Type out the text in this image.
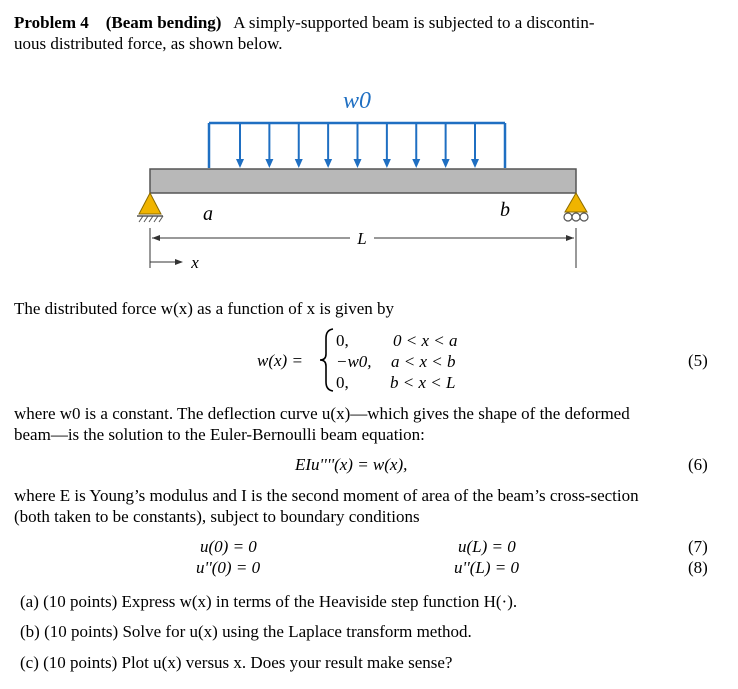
Problem 4 (Beam bending) A simply-supported beam is subjected to a discontin-
uous distributed force, as shown below.
w0
a	b
L
x
The distributed force w(x) as a function of x is given by
w(x) =
0,	0 < x < a
−w0, a < x < b
0, b < x < L
(5)
where w0 is a constant. The deflection curve u(x)—which gives the shape of the deformed
beam—is the solution to the Euler-Bernoulli beam equation:
EIu''''(x) = w(x),	(6)
where E is Young’s modulus and I is the second moment of area of the beam’s cross-section
(both taken to be constants), subject to boundary conditions
u(0) = 0	u(L) = 0	(7)
u''(0) = 0	u''(L) = 0	(8)
(a) (10 points) Express w(x) in terms of the Heaviside step function H(·).
(b) (10 points) Solve for u(x) using the Laplace transform method.
(c) (10 points) Plot u(x) versus x. Does your result make sense?
